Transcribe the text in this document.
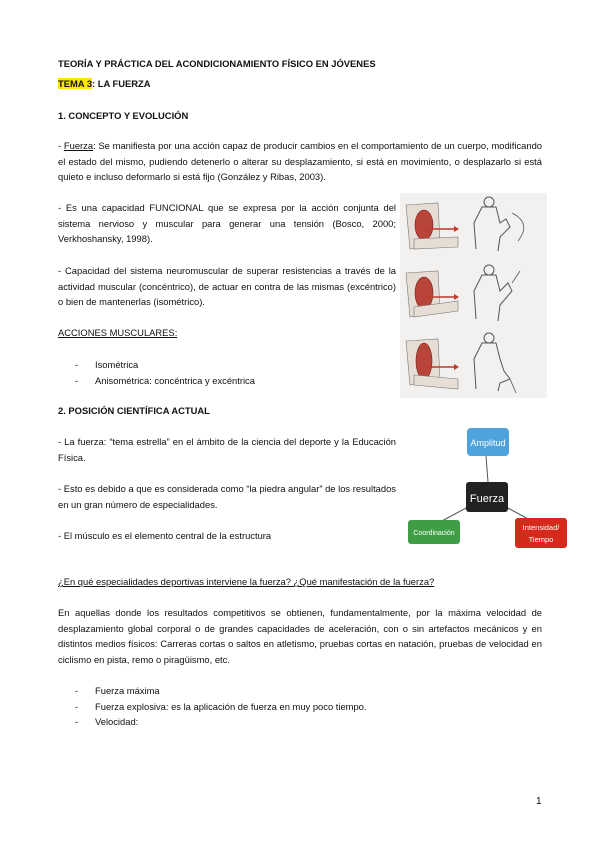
TEORÍA Y PRÁCTICA DEL ACONDICIONAMIENTO FÍSICO EN JÓVENES

TEMA 3: LA FUERZA

1. CONCEPTO Y EVOLUCIÓN

- Fuerza: Se manifiesta por una acción capaz de producir cambios en el comportamiento de un cuerpo, modificando el estado del mismo, pudiendo detenerlo o alterar su desplazamiento, si está en movimiento, o desplazarlo si está quieto e incluso deformarlo si está fijo (González y Ribas, 2003).

- Es una capacidad FUNCIONAL que se expresa por la acción conjunta del sistema nervioso y muscular para generar una tensión (Bosco, 2000; Verkhoshansky, 1998).

- Capacidad del sistema neuromuscular de superar resistencias a través de la actividad muscular (concéntrico), de actuar en contra de las mismas (excéntrico) o bien de mantenerlas (isométrico).

ACCIONES MUSCULARES:

- Isométrica
- Anisométrica: concéntrica y excéntrica

2. POSICIÓN CIENTÍFICA ACTUAL

- La fuerza: “tema estrella” en el ámbito de la ciencia del deporte y la Educación Física.

- Esto es debido a que es considerada como “la piedra angular” de los resultados en un gran número de especialidades.

- El músculo es el elemento central de la estructura

Amplitud
Fuerza
Coordinación
Intensidad/
Tiempo

¿En qué especialidades deportivas interviene la fuerza? ¿Qué manifestación de la fuerza?

En aquellas donde los resultados competitivos se obtienen, fundamentalmente, por la máxima velocidad de desplazamiento global corporal o de grandes capacidades de aceleración, con o sin artefactos mecánicos y en distintos medios físicos: Carreras cortas o saltos en atletismo, pruebas cortas en natación, pruebas de velocidad en ciclismo en pista, remo o piragüismo, etc.

- Fuerza máxima
- Fuerza explosiva: es la aplicación de fuerza en muy poco tiempo.
- Velocidad:
1
